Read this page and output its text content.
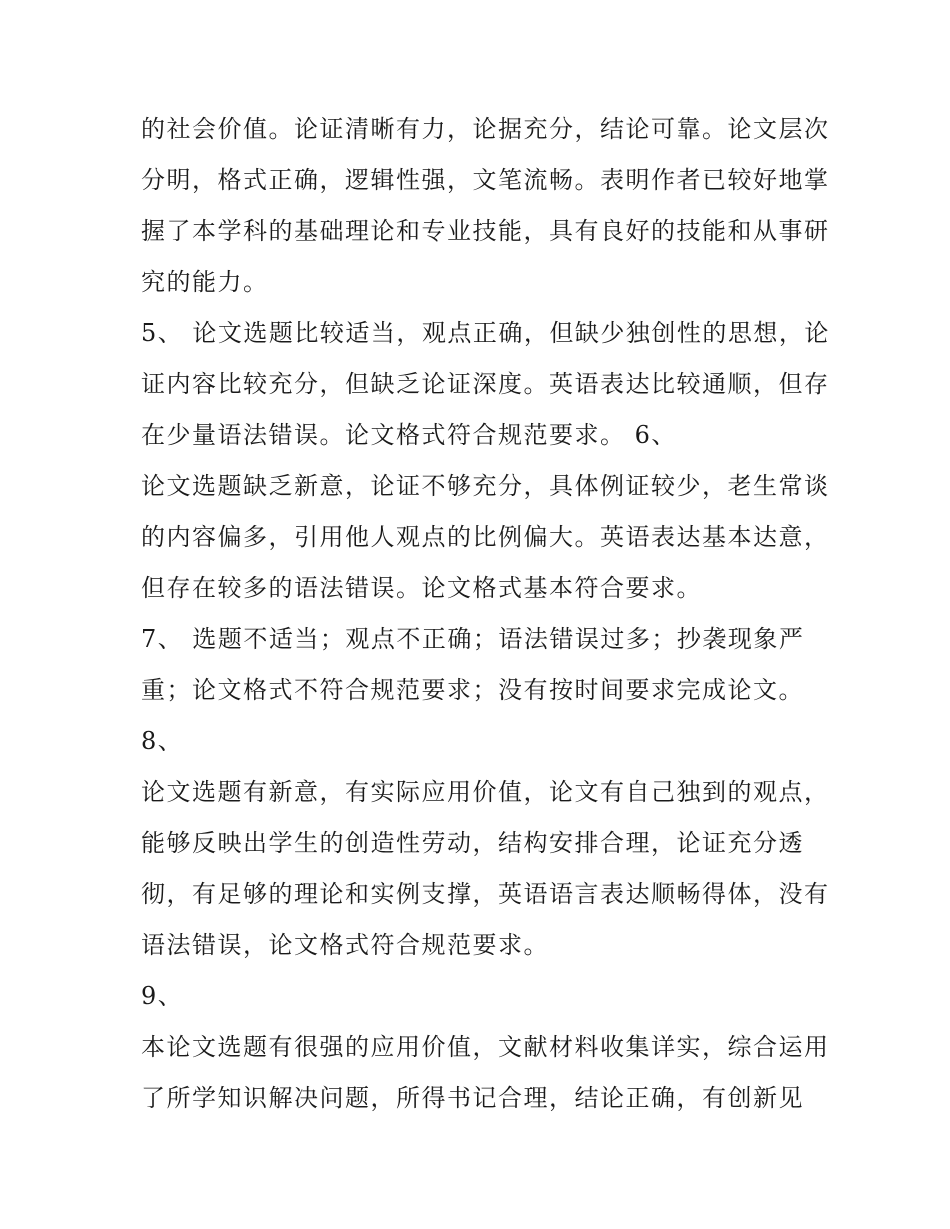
的社会价值。论证清晰有力，论据充分，结论可靠。论文层次

分明，格式正确，逻辑性强，文笔流畅。表明作者已较好地掌

握了本学科的基础理论和专业技能，具有良好的技能和从事研

究的能力。

5、 论文选题比较适当，观点正确，但缺少独创性的思想，论

证内容比较充分，但缺乏论证深度。英语表达比较通顺，但存

在少量语法错误。论文格式符合规范要求。 6、

论文选题缺乏新意，论证不够充分，具体例证较少，老生常谈

的内容偏多，引用他人观点的比例偏大。英语表达基本达意，

但存在较多的语法错误。论文格式基本符合要求。

7、 选题不适当；观点不正确；语法错误过多；抄袭现象严

重；论文格式不符合规范要求；没有按时间要求完成论文。

8、

论文选题有新意，有实际应用价值，论文有自己独到的观点，

能够反映出学生的创造性劳动，结构安排合理，论证充分透

彻，有足够的理论和实例支撑，英语语言表达顺畅得体，没有

语法错误，论文格式符合规范要求。

9、

本论文选题有很强的应用价值，文献材料收集详实，综合运用

了所学知识解决问题，所得书记合理，结论正确，有创新见
